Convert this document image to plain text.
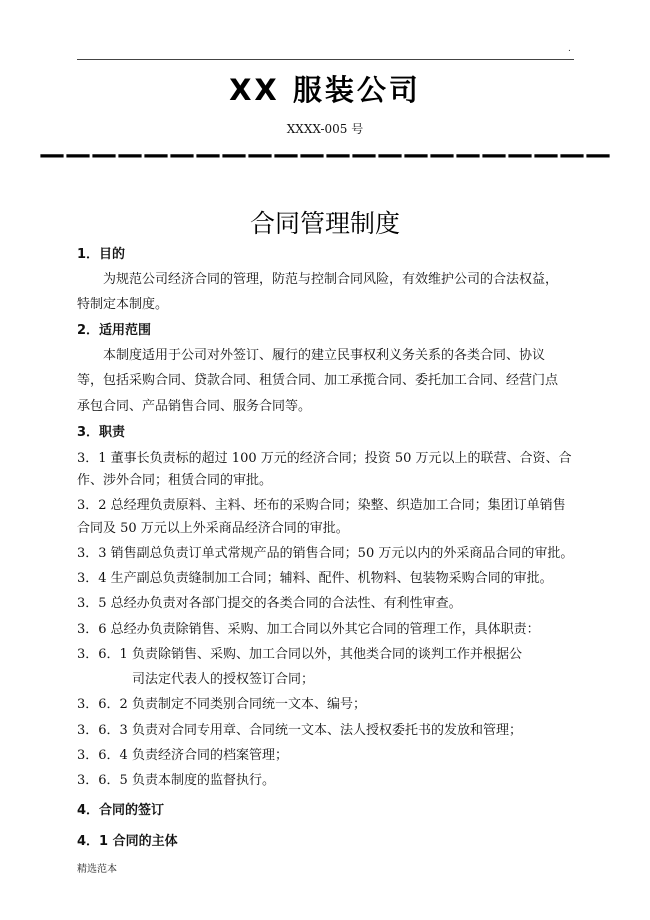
.
XX 服装公司
XXXX-005 号
——————————————————————
合同管理制度
1．目的
为规范公司经济合同的管理，防范与控制合同风险，有效维护公司的合法权益，
特制定本制度。
2．适用范围
本制度适用于公司对外签订、履行的建立民事权利义务关系的各类合同、协议
等，包括采购合同、贷款合同、租赁合同、加工承揽合同、委托加工合同、经营门点
承包合同、产品销售合同、服务合同等。
3．职责
3．1 董事长负责标的超过 100 万元的经济合同；投资 50 万元以上的联营、合资、合
作、涉外合同；租赁合同的审批。
3．2 总经理负责原料、主料、坯布的采购合同；染整、织造加工合同；集团订单销售
合同及 50 万元以上外采商品经济合同的审批。
3．3 销售副总负责订单式常规产品的销售合同；50 万元以内的外采商品合同的审批。
3．4 生产副总负责缝制加工合同；辅料、配件、机物料、包装物采购合同的审批。
3．5 总经办负责对各部门提交的各类合同的合法性、有利性审查。
3．6 总经办负责除销售、采购、加工合同以外其它合同的管理工作，具体职责：
3．6．1 负责除销售、采购、加工合同以外，其他类合同的谈判工作并根据公
司法定代表人的授权签订合同；
3．6．2 负责制定不同类别合同统一文本、编号；
3．6．3 负责对合同专用章、合同统一文本、法人授权委托书的发放和管理；
3．6．4 负责经济合同的档案管理；
3．6．5 负责本制度的监督执行。
4．合同的签订
4．1 合同的主体
精选范本
